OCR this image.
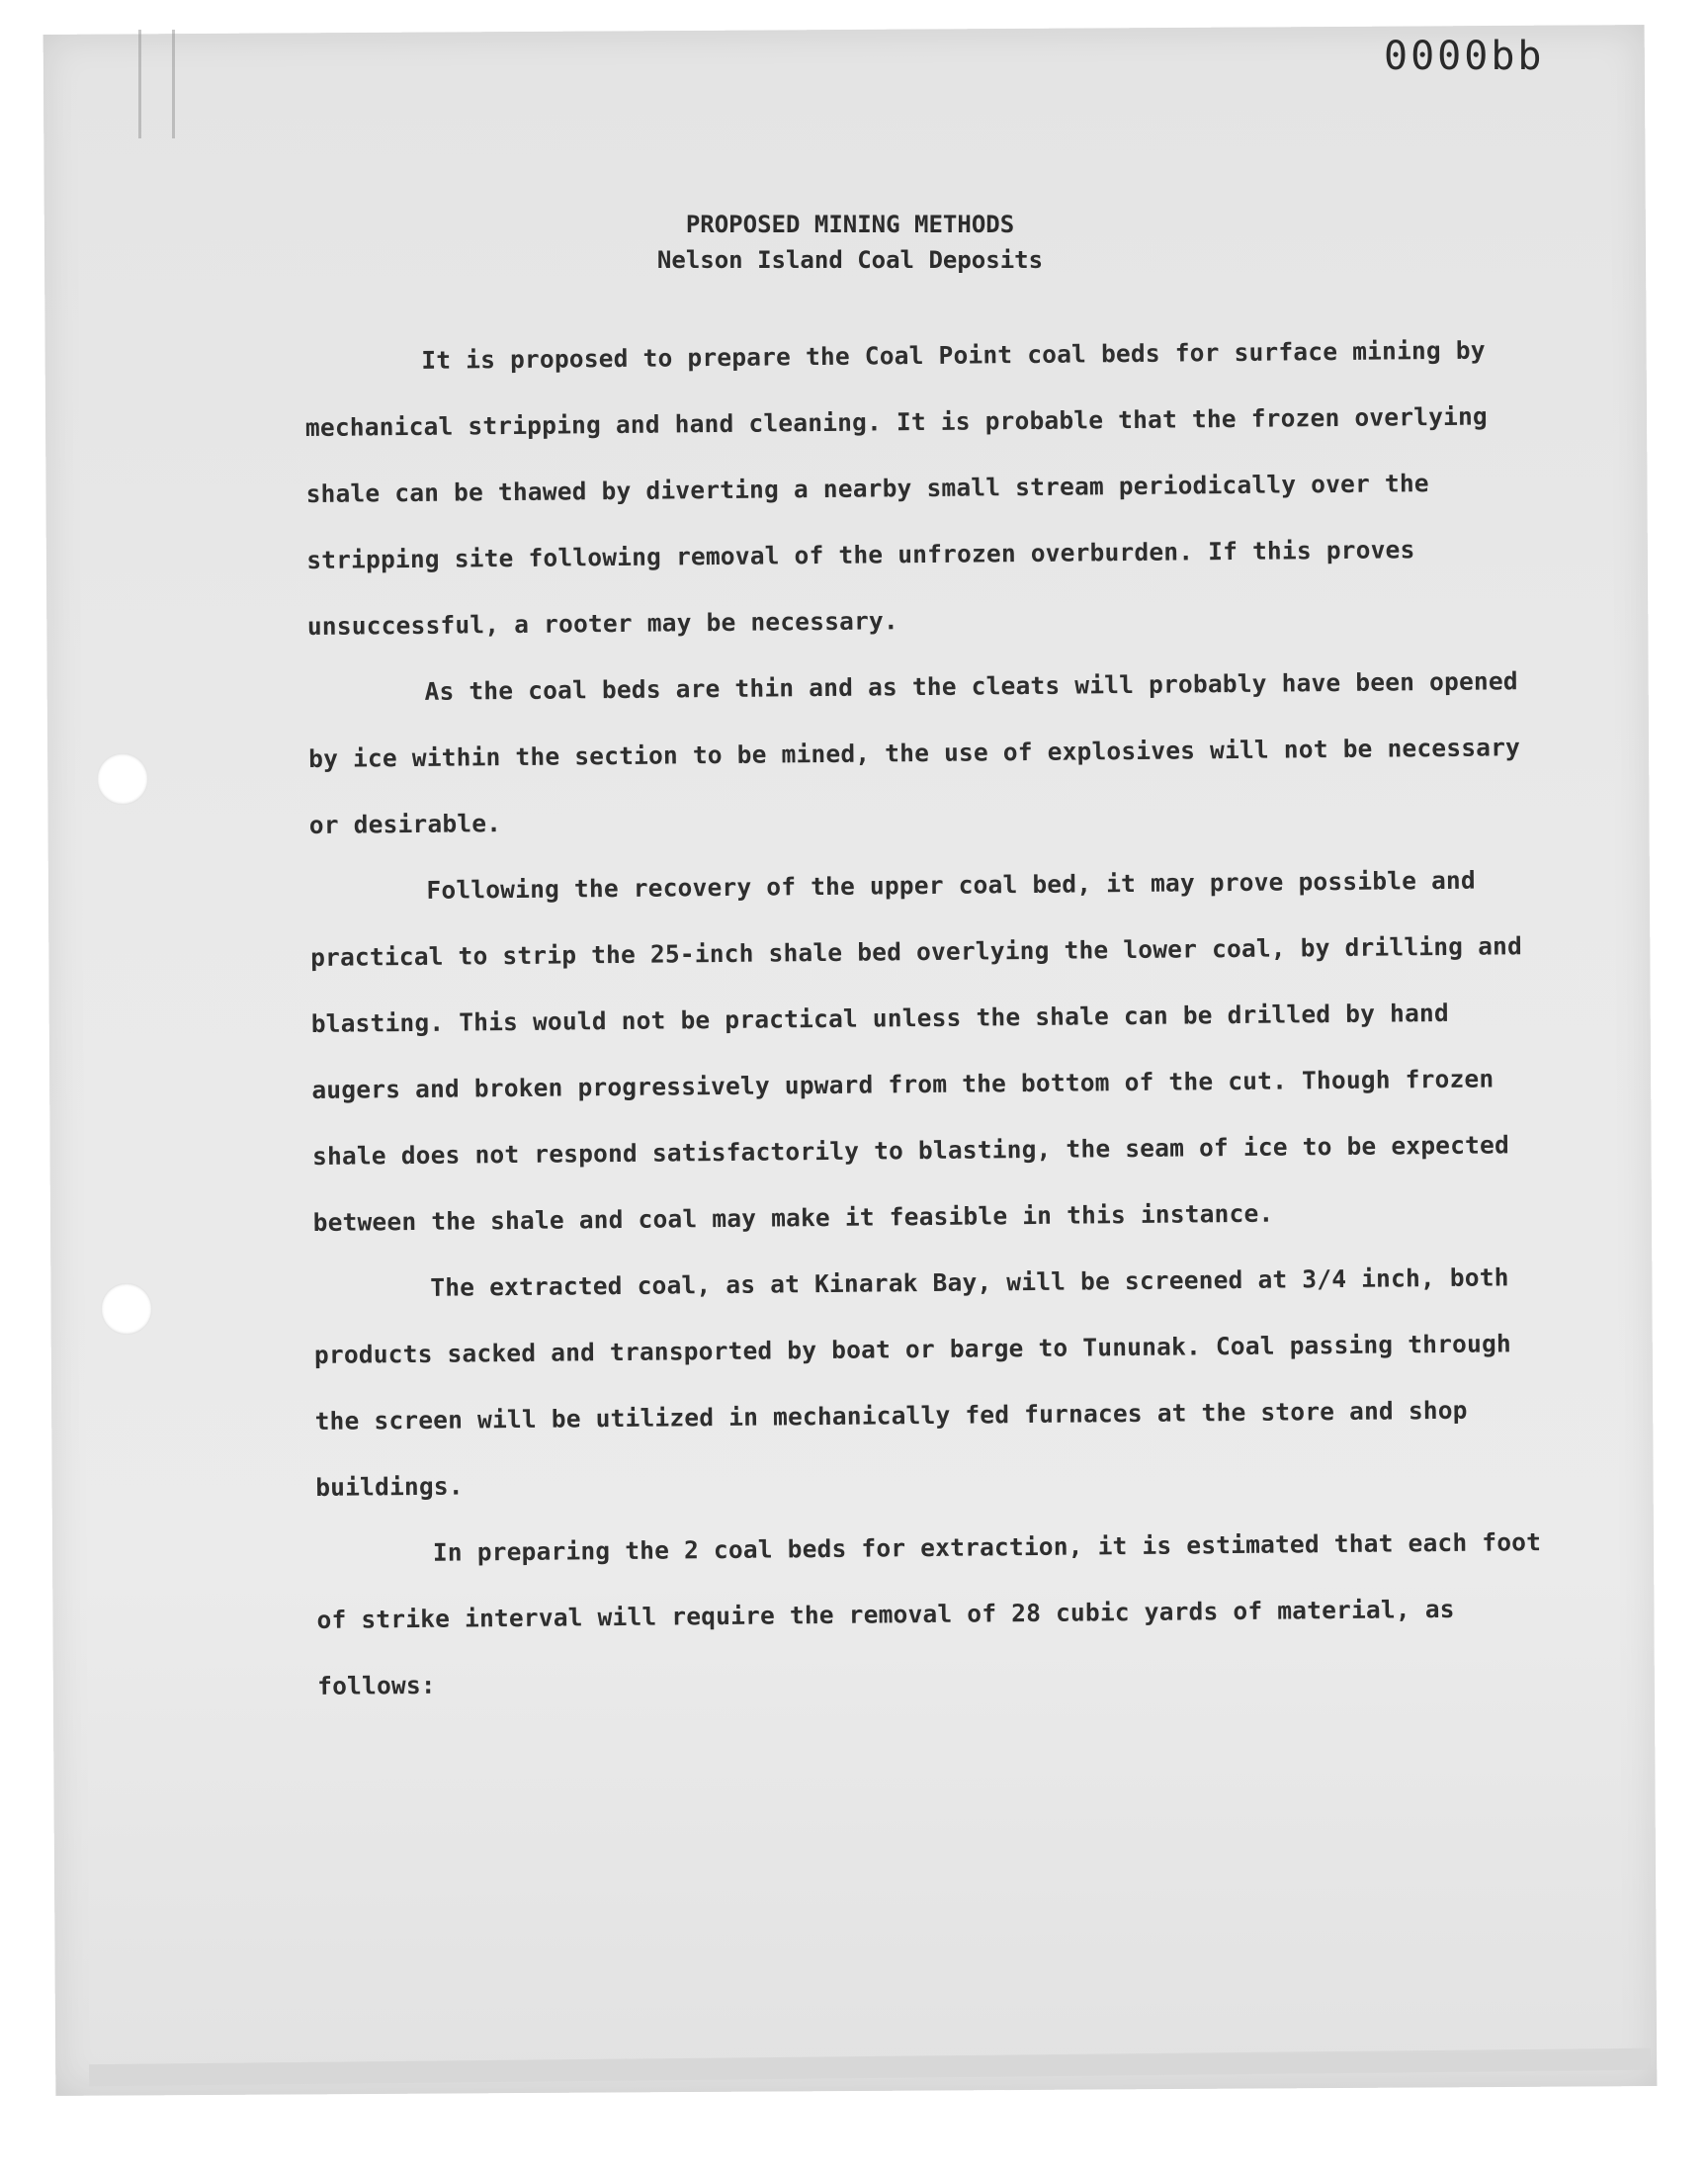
0000bb

PROPOSED MINING METHODS
Nelson Island Coal Deposits

It is proposed to prepare the Coal Point coal beds for surface mining by mechanical stripping and hand cleaning. It is probable that the frozen overlying shale can be thawed by diverting a nearby small stream periodically over the stripping site following removal of the unfrozen overburden. If this proves unsuccessful, a rooter may be necessary.

As the coal beds are thin and as the cleats will probably have been opened by ice within the section to be mined, the use of explosives will not be necessary or desirable.

Following the recovery of the upper coal bed, it may prove possible and practical to strip the 25-inch shale bed overlying the lower coal, by drilling and blasting. This would not be practical unless the shale can be drilled by hand augers and broken progressively upward from the bottom of the cut. Though frozen shale does not respond satisfactorily to blasting, the seam of ice to be expected between the shale and coal may make it feasible in this instance.

The extracted coal, as at Kinarak Bay, will be screened at 3/4 inch, both products sacked and transported by boat or barge to Tununak. Coal passing through the screen will be utilized in mechanically fed furnaces at the store and shop buildings.

In preparing the 2 coal beds for extraction, it is estimated that each foot of strike interval will require the removal of 28 cubic yards of material, as follows:
